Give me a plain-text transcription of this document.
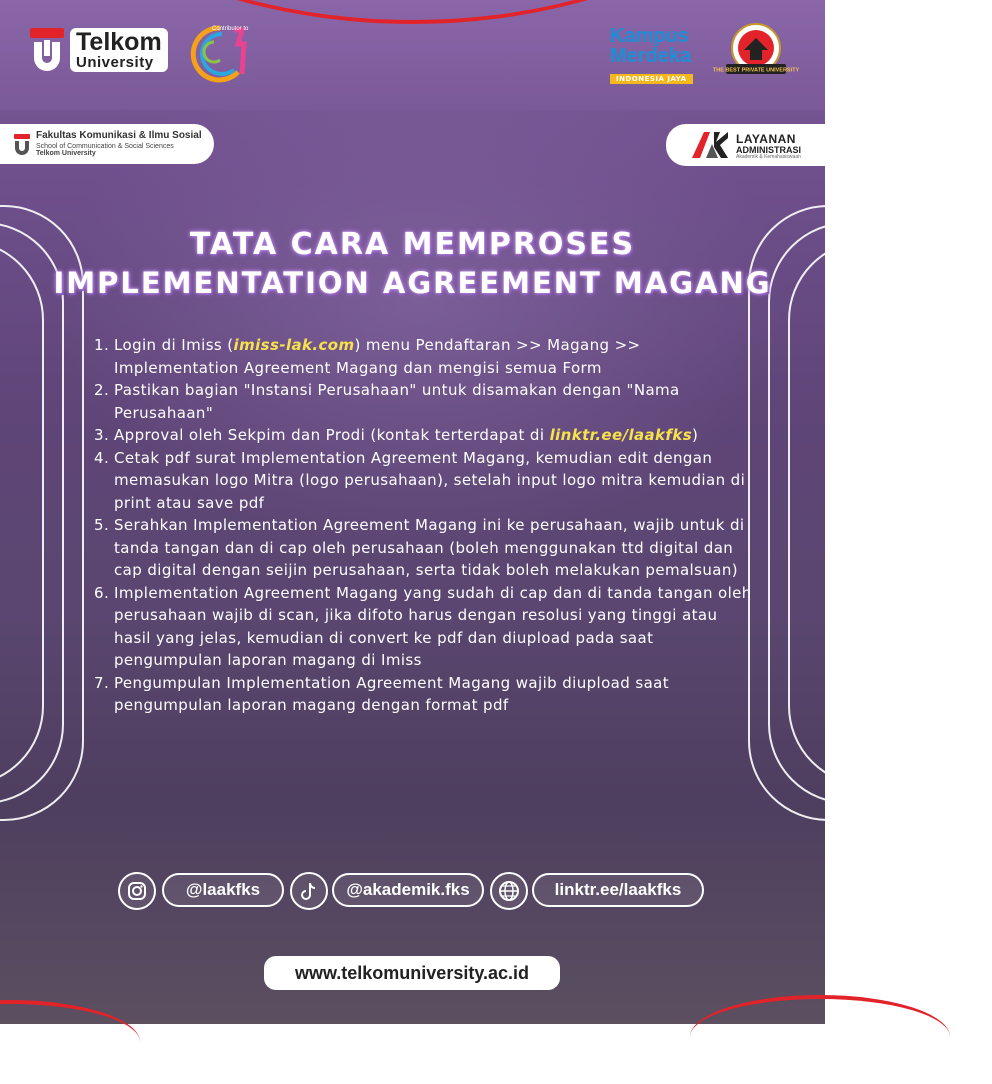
Telkom
University
Contributor to	Kampus
Merdeka
INDONESIA JAYA
THE BEST PRIVATE UNIVERSITY
Fakultas Komunikasi & Ilmu Sosial
School of Communication & Social Sciences
Telkom University
LAYANAN
ADMINISTRASI
Akademik & Kemahasiswaan
TATA CARA MEMPROSES
IMPLEMENTATION AGREEMENT MAGANG
1. Login di Imiss (imiss-lak.com) menu Pendaftaran >> Magang >> Implementation Agreement Magang dan mengisi semua Form
2. Pastikan bagian "Instansi Perusahaan" untuk disamakan dengan "Nama Perusahaan"
3. Approval oleh Sekpim dan Prodi (kontak terterdapat di linktr.ee/laakfks)
4. Cetak pdf surat Implementation Agreement Magang, kemudian edit dengan memasukan logo Mitra (logo perusahaan), setelah input logo mitra kemudian di print atau save pdf
5. Serahkan Implementation Agreement Magang ini ke perusahaan, wajib untuk di tanda tangan dan di cap oleh perusahaan (boleh menggunakan ttd digital dan cap digital dengan seijin perusahaan, serta tidak boleh melakukan pemalsuan)
6. Implementation Agreement Magang yang sudah di cap dan di tanda tangan oleh perusahaan wajib di scan, jika difoto harus dengan resolusi yang tinggi atau hasil yang jelas, kemudian di convert ke pdf dan diupload pada saat pengumpulan laporan magang di Imiss
7. Pengumpulan Implementation Agreement Magang wajib diupload saat pengumpulan laporan magang dengan format pdf
@laakfks	@akademik.fks	linktr.ee/laakfks
www.telkomuniversity.ac.id
